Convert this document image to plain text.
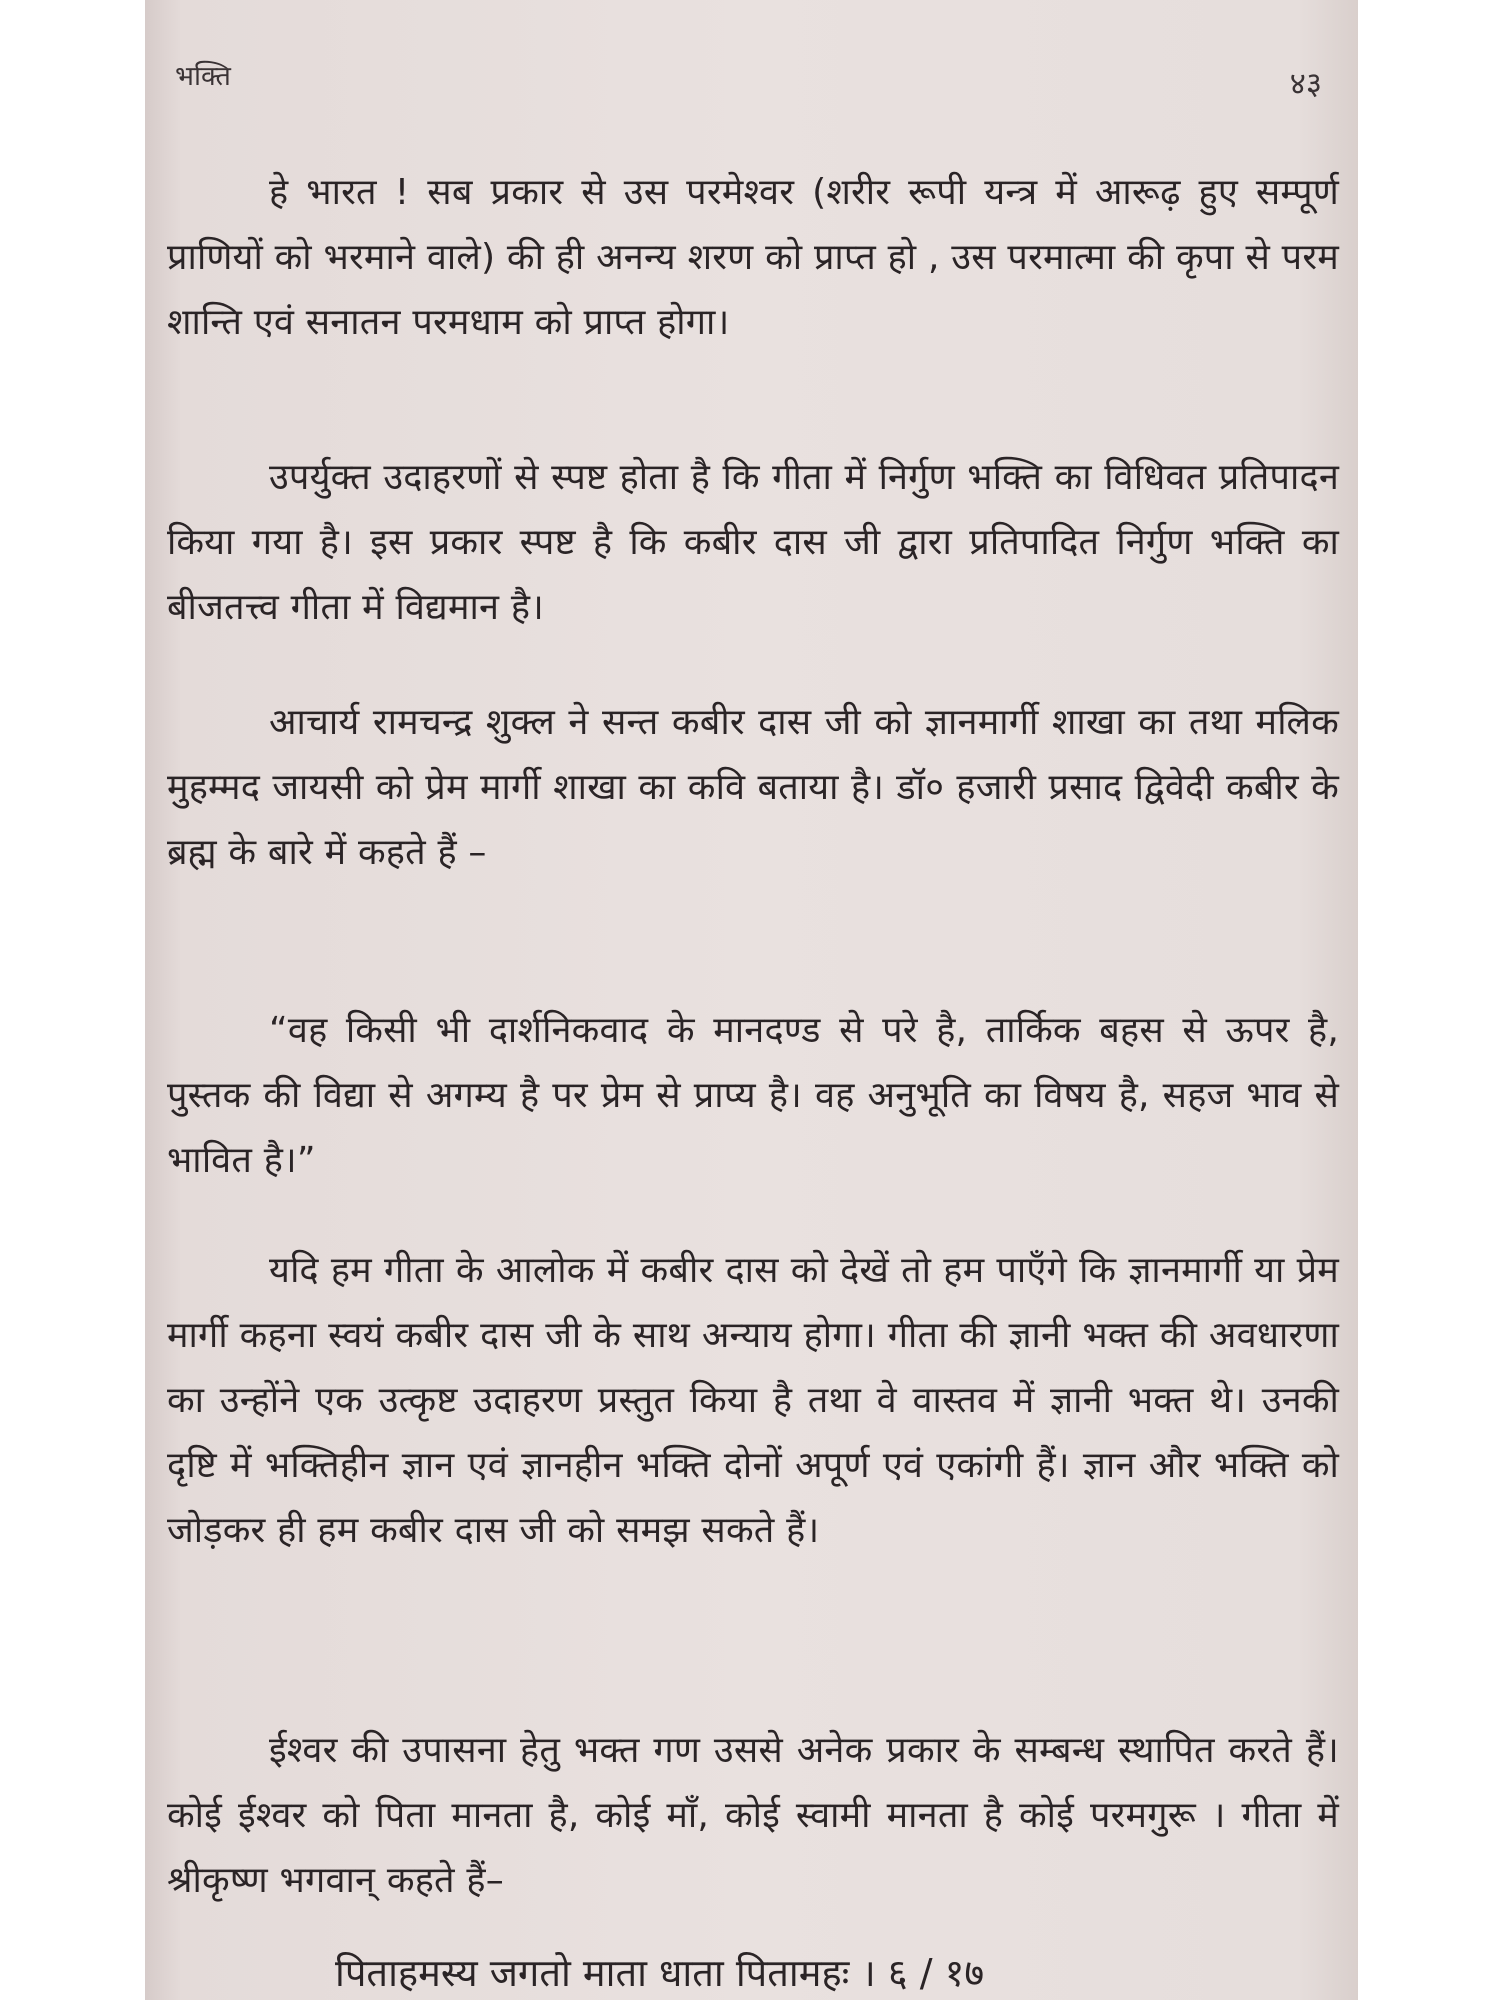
भक्ति	४३

हे भारत ! सब प्रकार से उस परमेश्वर (शरीर रूपी यन्त्र में आरूढ़ हुए सम्पूर्ण प्राणियों को भरमाने वाले) की ही अनन्य शरण को प्राप्त हो , उस परमात्मा की कृपा से परम शान्ति एवं सनातन परमधाम को प्राप्त होगा।

उपर्युक्त उदाहरणों से स्पष्ट होता है कि गीता में निर्गुण भक्ति का विधिवत प्रतिपादन किया गया है। इस प्रकार स्पष्ट है कि कबीर दास जी द्वारा प्रतिपादित निर्गुण भक्ति का बीजतत्त्व गीता में विद्यमान है।

आचार्य रामचन्द्र शुक्ल ने सन्त कबीर दास जी को ज्ञानमार्गी शाखा का तथा मलिक मुहम्मद जायसी को प्रेम मार्गी शाखा का कवि बताया है। डॉ० हजारी प्रसाद द्विवेदी कबीर के ब्रह्म के बारे में कहते हैं –

“वह किसी भी दार्शनिकवाद के मानदण्ड से परे है, तार्किक बहस से ऊपर है, पुस्तक की विद्या से अगम्य है पर प्रेम से प्राप्य है। वह अनुभूति का विषय है, सहज भाव से भावित है।”

यदि हम गीता के आलोक में कबीर दास को देखें तो हम पाएँगे कि ज्ञानमार्गी या प्रेम मार्गी कहना स्वयं कबीर दास जी के साथ अन्याय होगा। गीता की ज्ञानी भक्त की अवधारणा का उन्होंने एक उत्कृष्ट उदाहरण प्रस्तुत किया है तथा वे वास्तव में ज्ञानी भक्त थे। उनकी दृष्टि में भक्तिहीन ज्ञान एवं ज्ञानहीन भक्ति दोनों अपूर्ण एवं एकांगी हैं। ज्ञान और भक्ति को जोड़कर ही हम कबीर दास जी को समझ सकते हैं।

ईश्वर की उपासना हेतु भक्त गण उससे अनेक प्रकार के सम्बन्ध स्थापित करते हैं। कोई ईश्वर को पिता मानता है, कोई माँ, कोई स्वामी मानता है कोई परमगुरू । गीता में श्रीकृष्ण भगवान् कहते हैं–

पिताहमस्य जगतो माता धाता पितामहः । ६ / १७
